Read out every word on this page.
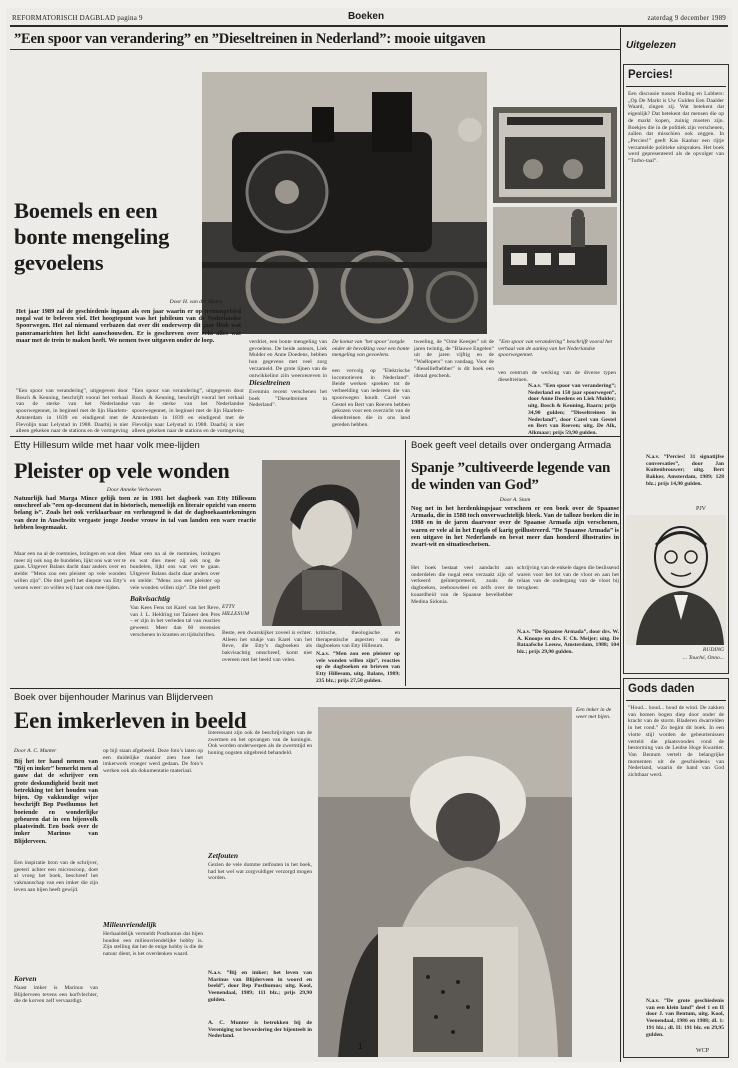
REFORMATORISCH DAGBLAD pagina 9	Boeken	zaterdag 9 december 1989
”Een spoor van verandering” en ”Dieseltreinen in Nederland”: mooie uitgaven	Uitgelezen
Boemels en een bonte mengeling gevoelens
Door H. van der Maten
Het jaar 1989 zal de geschiedenis ingaan als een jaar waarin er op treinengebied nogal wat te beleven viel. Het hoogtepunt was het jubileum van de Nederlandse Spoorwegen. Het zal niemand verbazen dat over dit onderwerp dit jaar flink wat panoramarichten het licht aanschouwden. Er is geschreven over echt alles wat maar met de trein te maken heeft. We nemen twee uitgaven onder de loep.
”Een spoor van verandering”, uitgegeven door Bosch & Keuning, beschrijft vooral het verhaal van de sterke van het Nederlandse spoorwegennet, in beginsel met de lijn Haarlem-Amsterdam in 1839 en eindigend met de Flevolijn naar Lelystad in 1988. Daarbij is niet alleen gekeken naar de stations en de vormgeving
”Een spoor van verandering”, uitgegeven door Bosch & Keuning, beschrijft vooral het verhaal van de sterke van het Nederlandse spoorwegennet, in beginsel met de lijn Haarlem-Amsterdam in 1839 en eindigend met de Flevolijn naar Lelystad in 1988. Daarbij is niet alleen gekeken naar de stations en de vormgeving
verdriet, een bonte mengeling van gevoelens. De beide auteurs, Liek Mulder en Anne Doedens, hebben hun gegevens met veel zorg verzameld. De grote lijnen van de ontwikkeling zijn weergegeven in
Dieseltreinen
Evenmin recent verschenen het boek ”Dieseltreinen in Nederland”.
De komst van ’het spoor’ zorgde onder de bevolking voor een bonte mengeling van gevoelens.
een vervolg op ”Elektrische locomotieven in Nederland”. Beide werken spreken tot de verbeelding van iedereen die van spoorwegen houdt. Carel van Gestel en Bert van Reeven hebben gekozen voor een overzicht van de dieseltreinen die in ons land gereden hebben.
tweeling, de ”Ome Keesjes” uit de jaren twintig, de ”Blauwe Engelen” uit de jaren vijftig en de ”Wadlopers” van vandaag. Voor de ”dieselliefhebber” is dit boek een ideaal geschenk.
”Een spoor van verandering” beschrijft vooral het verhaal van de aanleg van het Nederlandse spoorwegennet.
ven centrum de werking van de diverse typen dieseltreinen.
N.a.v. ”Een spoor van verandering”; Nederland en 150 jaar spoorwegen”, door Anne Doedens en Liek Mulder; uitg. Bosch & Keuning, Baarn; prijs 34,90 gulden; ”Dieseltreinen in Nederland”, door Carel van Gestel en Bert van Reeven; uitg. De Alk, Alkmaar; prijs 59,90 gulden.
Etty Hillesum wilde met haar volk mee-lijden
Pleister op vele wonden
Door Anneke Verhoeven
Natuurlijk had Marga Mince gelijk toen ze in 1981 het dagboek van Etty Hillesum omschreef als ”een op-document dat in historisch, menselijk en literair opzicht van enorm belang is”. Zoals het ook verklaarbaar en verheugend is dat de dagboekaantekeningen van deze in Auschwitz vergaste jonge Joodse vrouw in tal van landen een ware reactie hebben losgemaakt.
Maar een na al de roemnies, lezingen en wat dies meer zij ook nog de bundelen, lijkt ons wat ver te gaan. Uitgever Balans dacht daar anders over en stelde: ”Mens zou een pleister op vele wonden willen zijn”. Die titel geeft het diepste van Etty’s wezen weer: zo willen wij haar ook mee-lijden.
Maar een na al de roemnies, lezingen en wat dies meer zij ook nog de bundelen, lijkt ons wat ver te gaan. Uitgever Balans dacht daar anders over en stelde: ”Mens zou een pleister op vele wonden willen zijn”. Die titel geeft
Bakvisachtig
Van Kees Fens tot Karel van het Reve, van J. L. Heldring tot Taineer den Pres – er zijn in het verleden tal van reacties geweest. Meer dan 60 recensies verschenen in kranten en tijdschriften.
ETTY HILLESUM
Beste, een dwarskijker zoveel is echter. Alleen het stukje van Karel van het Reve, die Etty’s dagboeken als bakvisachtig omschreef, komt niet overeen met het beeld van velen.
kritische, theologische en therapeutische aspecten van de dagboeken van Etty Hillesum.
N.a.v. ”Men zou een pleister op vele wonden willen zijn”, reacties op de dagboeken en brieven van Etty Hillesum, uitg. Balans, 1989; 235 blz.; prijs 27,50 gulden.
Boek geeft veel details over ondergang Armada
Spanje ”cultiveerde legende van de winden van God”
Door A. Stam
Nog net in het herdenkingsjaar verscheen er een boek over de Spaanse Armada, die in 1588 toch onverwachtelijk bleek. Van de talloze boeken die in 1988 en in de jaren daarvoor over de Spaanse Armada zijn verschenen, waren er vele al in het Engels of karig geillustreerd. ”De Spaanse Armada” is een uitgave in het Nederlands en bevat meer dan honderd illustraties in zwart-wit en situatieschetsen.
Het boek bestaat veel aandacht aan onderdelen die nogal eens verzaakt zijn of verkeerd geïnterpreteerd, zoals de dagboeken, zeebouwdeel en zelfs over de koaardheid van de Spaanse bevelhebber Medina Sidonia.
schrijving van de enkele dagen die beslissend waren voor het lot van de vloot en aan het relaas van de ondergang van de vloot bij terugkeer.
N.a.v. ”De Spaanse Armada”, door drs. W. A. Knoops en drs. F. Ch. Meijer; uitg. De Bataafsche Leeuw, Amsterdam, 1988; 104 blz.; prijs 29,90 gulden.
Boek over bijenhouder Marinus van Blijderveen
Een imkerleven in beeld
Door A. C. Munter
Bij het ter hand nemen van ”Bij en imker” bemerkt men al gauw dat de schrijver een grote deskundigheid bezit met betrekking tot het houden van bijen. Op vakkundige wijze beschrijft Bep Posthumus het boeiende en wonderlijke gebeuren dat in een bijenvolk plaatsvindt. Een boek over de imker Marinus van Blijderveen.
Een inspiratie bron van de schrijver, geeteri achter een microscoop, doet al vroeg het boek, beschreef het vakmanschap van een imker die zijn leven aan bijen heeft gewijd.
Korven
Naast imker is Marinus van Blijderveen tevens een korfvlechter, die de korven zelf vervaardigt.
op bijl staan afgebeeld. Deze foto’s laten op een duidelijke manier zien hoe het imkerwerk vroeger werd gedaan. De foto’s werken ook als dokumentatie materiaal.
Milieuvriendelijk
Herhaaldelijk vermeldt Posthumus dat bijen houden een milieuvriendelijke hobby is. Zijn stelling dat het de enige hobby is die de natuur dient, is het overdenken waard.
Interessant zijn ook de beschrijvingen van de zwermen en het opvangen van de koningin. Ook worden onderwerpen als de zwermtijd en honing oogsten uitgebreid behandeld.
Zetfouten
Gezien de vele domme zetfouten in het boek, had het wel wat zorgvuldiger verzorgd mogen worden.
N.a.v. ”Bij en imker; het leven van Marinus van Blijderveen in woord en beeld”, door Bep Posthumus; uitg. Kool, Veenendaal, 1989; 111 blz.; prijs 29,90 gulden.
A. C. Munter is betrokken bij de Vereniging tot bevordering der bijenteelt in Nederland.
1
Een imker in de weer met bijen.
Percies!
Een discussie tussen Ruding en Lubbers: „Op De Markt is Uw Gulden Een Daalder Waard, zingen zij. Wat betekent dat eigenlijk? Dat betekent dat mensen die op de markt kopen, zuinig moeten zijn. Boekjes die in de politiek zijn verschenen, zullen dat misschien ook zeggen. In „Percies!” geeft Kas Kanhar een rijtje verzamelde politieke uitspraken. Het boek werd gepresenteerd als de opvolger van ”Turbo-taal”.
N.a.v. ”Percies! 31 signatijfse conversaties”, door Jan Kuitenbrouwer; uitg. Bert Bakker, Amsterdam, 1989; 128 blz.; prijs 14,90 gulden.
PJV
RUDING
... Touché, Onno...
Gods daden
”Houd... houd... houd de wind. De zakken van bomen bogen diep door onder de kracht van de storm. Bladeren dwarrelden in het rond.” Zo begint dit boek. In een vlotte stijl worden de gebeurtenissen verteld die plaatsvonden rond de bestorming van de Leidse Hoge Kwartier. Van Bentum vertelt de belangrijke momenten uit de geschiedenis van Nederland, waarin de hand van God zichtbaar werd.
N.a.v. ”De grote geschiedenis van een klein land” deel 1 en II door J. van Bentum, uitg. Kool, Veenendaal, 1986 en 1988; dl. 1: 191 blz.; dl. II: 191 blz. en 29,95 gulden.
WCP
